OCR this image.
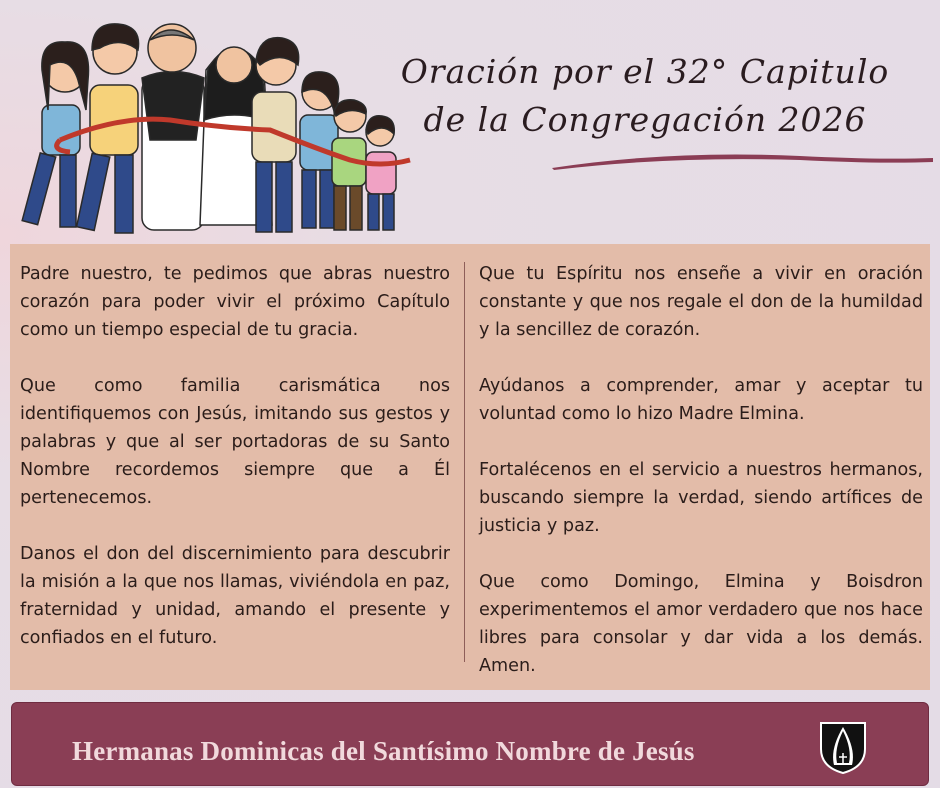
Oración por el 32° Capitulo
de la Congregación 2026

Padre nuestro, te pedimos que abras nuestro corazón para poder vivir el próximo Capítulo como un tiempo especial de tu gracia.

Que como familia carismática nos identifiquemos con Jesús, imitando sus gestos y palabras y que al ser portadoras de su Santo Nombre recordemos siempre que a Él pertenecemos.

Danos el don del discernimiento para descubrir la misión a la que nos llamas, viviéndola en paz, fraternidad y unidad, amando el presente y confiados en el futuro.

Que tu Espíritu nos enseñe a vivir en oración constante y que nos regale el don de la humildad y la sencillez de corazón.

Ayúdanos a comprender, amar y aceptar tu voluntad como lo hizo Madre Elmina.

Fortalécenos en el servicio a nuestros hermanos, buscando siempre la verdad, siendo artífices de justicia y paz.

Que como Domingo, Elmina y Boisdron experimentemos el amor verdadero que nos hace libres para consolar y dar vida a los demás. Amen.

Hermanas Dominicas del Santísimo Nombre de Jesús
